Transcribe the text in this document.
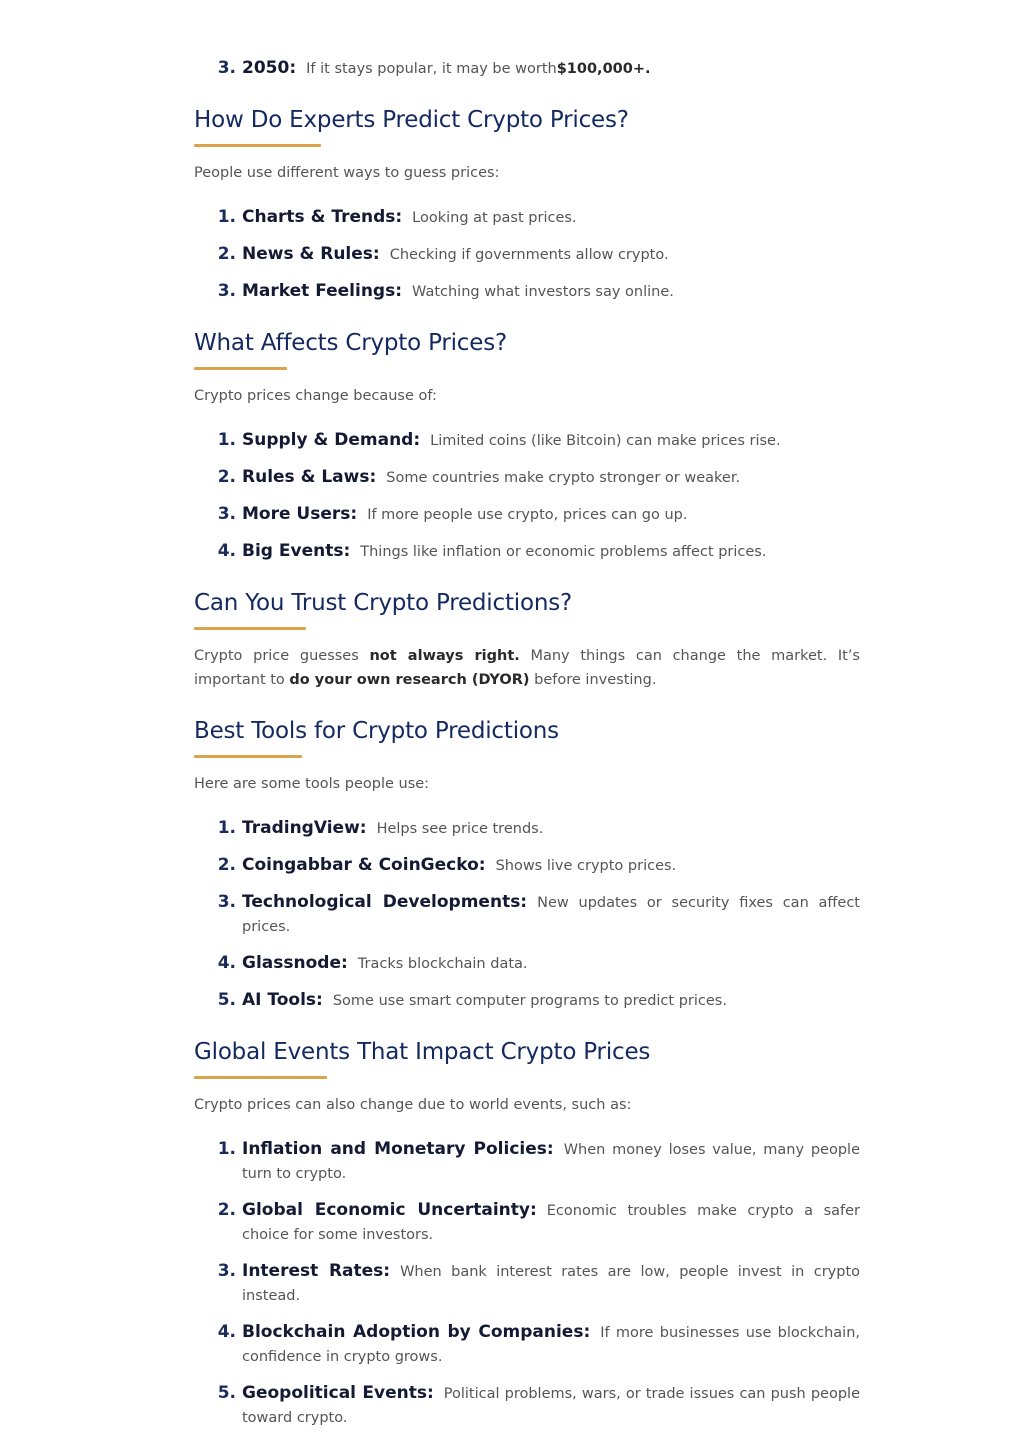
3. 2050: If it stays popular, it may be worth$100,000+.
How Do Experts Predict Crypto Prices?

People use different ways to guess prices:

1. Charts & Trends: Looking at past prices.
2. News & Rules: Checking if governments allow crypto.
3. Market Feelings: Watching what investors say online.
What Affects Crypto Prices?

Crypto prices change because of:

1. Supply & Demand: Limited coins (like Bitcoin) can make prices rise.
2. Rules & Laws: Some countries make crypto stronger or weaker.
3. More Users: If more people use crypto, prices can go up.
4. Big Events: Things like inflation or economic problems affect prices.
Can You Trust Crypto Predictions?

Crypto price guesses not always right. Many things can change the market. It’s important to do your own research (DYOR) before investing.

Best Tools for Crypto Predictions

Here are some tools people use:

1. TradingView: Helps see price trends.
2. Coingabbar & CoinGecko: Shows live crypto prices.
3. Technological Developments: New updates or security fixes can affect prices.
4. Glassnode: Tracks blockchain data.
5. AI Tools: Some use smart computer programs to predict prices.
Global Events That Impact Crypto Prices

Crypto prices can also change due to world events, such as:

1. Inflation and Monetary Policies: When money loses value, many people turn to crypto.
2. Global Economic Uncertainty: Economic troubles make crypto a safer choice for some investors.
3. Interest Rates: When bank interest rates are low, people invest in crypto instead.
4. Blockchain Adoption by Companies: If more businesses use blockchain, confidence in crypto grows.
5. Geopolitical Events: Political problems, wars, or trade issues can push people toward crypto.
